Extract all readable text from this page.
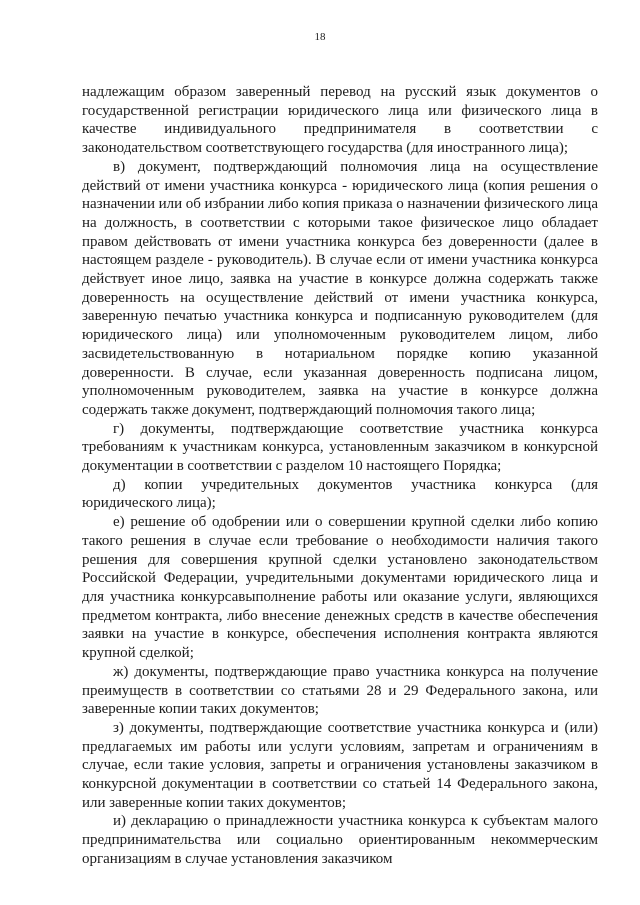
18

надлежащим образом заверенный перевод на русский язык документов о государственной регистрации юридического лица или физического лица в качестве индивидуального предпринимателя в соответствии с законодательством соответствующего государства (для иностранного лица);

в) документ, подтверждающий полномочия лица на осуществление действий от имени участника конкурса - юридического лица (копия решения о назначении или об избрании либо копия приказа о назначении физического лица на должность, в соответствии с которыми такое физическое лицо обладает правом действовать от имени участника конкурса без доверенности (далее в настоящем разделе - руководитель). В случае если от имени участника конкурса действует иное лицо, заявка на участие в конкурсе должна содержать также доверенность на осуществление действий от имени участника конкурса, заверенную печатью участника конкурса и подписанную руководителем (для юридического лица) или уполномоченным руководителем лицом, либо засвидетельствованную в нотариальном порядке копию указанной доверенности. В случае, если указанная доверенность подписана лицом, уполномоченным руководителем, заявка на участие в конкурсе должна содержать также документ, подтверждающий полномочия такого лица;

г) документы, подтверждающие соответствие участника конкурса требованиям к участникам конкурса, установленным заказчиком в конкурсной документации в соответствии с разделом 10 настоящего Порядка;

д) копии учредительных документов участника конкурса (для юридического лица);

е) решение об одобрении или о совершении крупной сделки либо копию такого решения в случае если требование о необходимости наличия такого решения для совершения крупной сделки установлено законодательством Российской Федерации, учредительными документами юридического лица и для участника конкурсавыполнение работы или оказание услуги, являющихся предметом контракта, либо внесение денежных средств в качестве обеспечения заявки на участие в конкурсе, обеспечения исполнения контракта являются крупной сделкой;

ж) документы, подтверждающие право участника конкурса на получение преимуществ в соответствии со статьями 28 и 29 Федерального закона, или заверенные копии таких документов;

з) документы, подтверждающие соответствие участника конкурса и (или) предлагаемых им работы или услуги условиям, запретам и ограничениям в случае, если такие условия, запреты и ограничения установлены заказчиком в конкурсной документации в соответствии со статьей 14 Федерального закона, или заверенные копии таких документов;

и) декларацию о принадлежности участника конкурса к субъектам малого предпринимательства или социально ориентированным некоммерческим организациям в случае установления заказчиком
